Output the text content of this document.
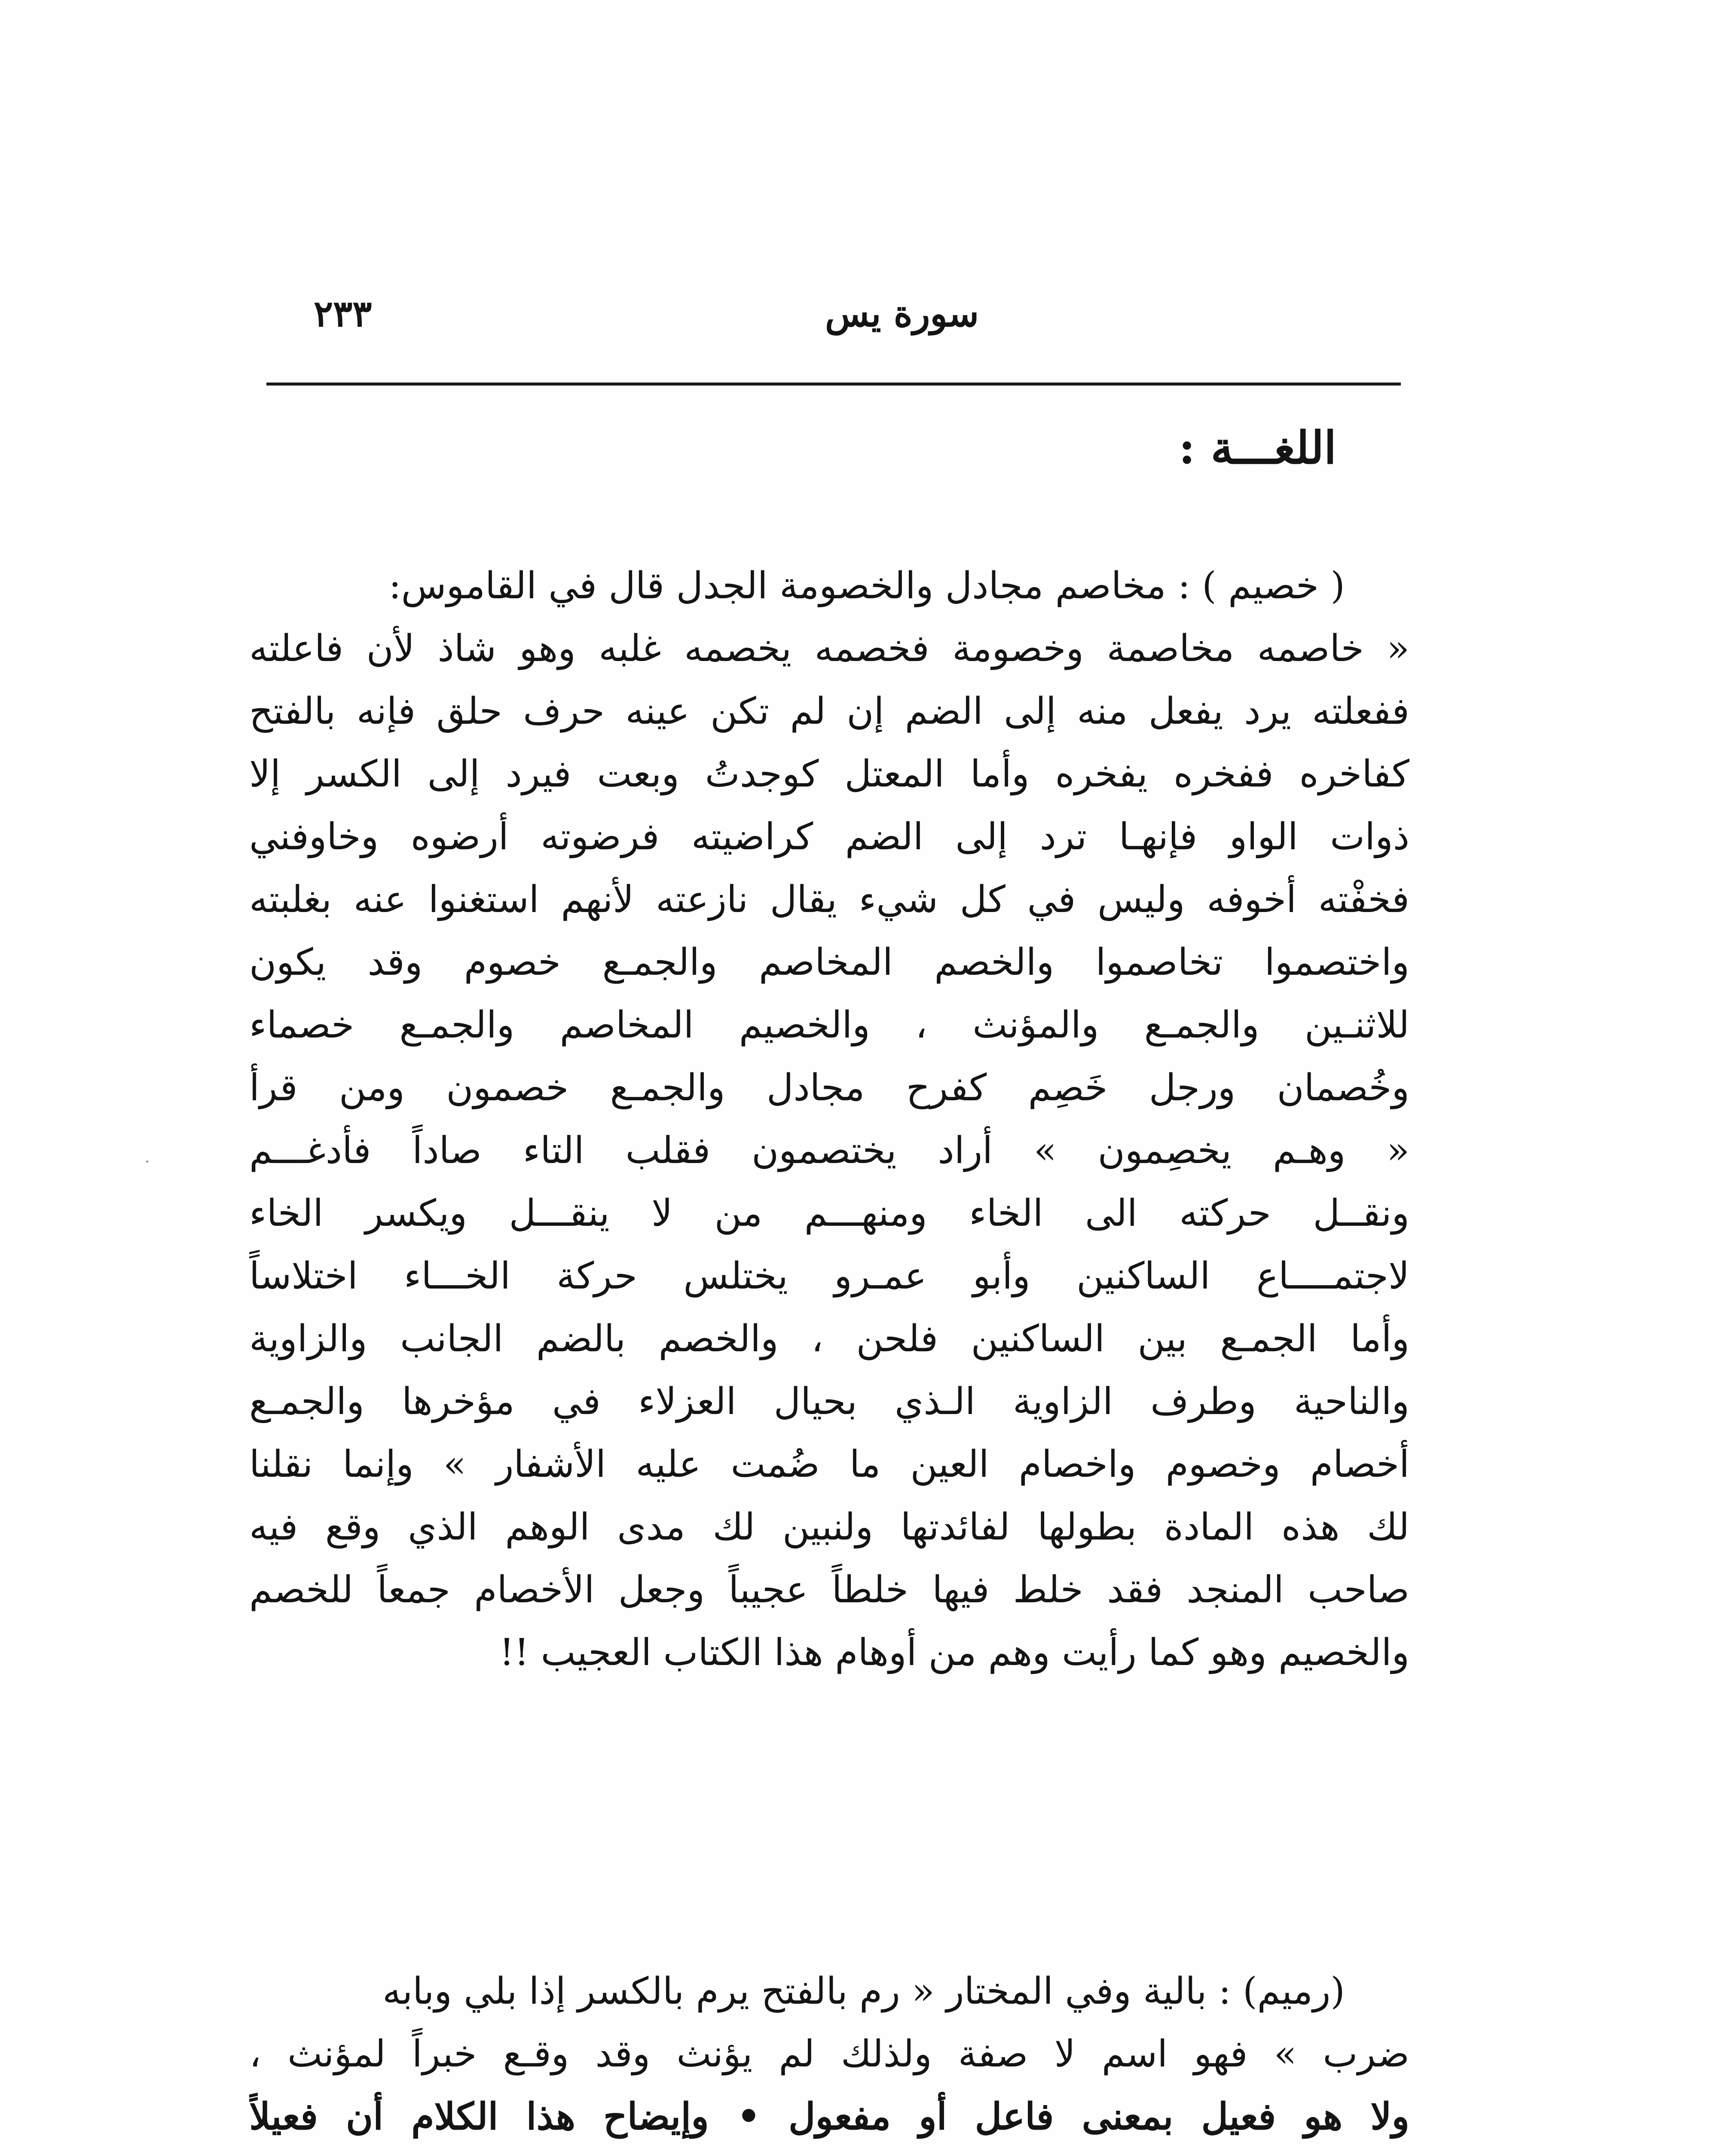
سورة يس
٢٣٣
اللغـــة :
( خصيم ) : مخاصم مجادل والخصومة الجدل قال في القاموس:
« خاصمه مخاصمة وخصومة فخصمه يخصمه غلبه وهو شاذ لأن فاعلته
ففعلته يرد يفعل منه إلى الضم إن لم تكن عينه حرف حلق فإنه بالفتح
كفاخره ففخره يفخره وأما المعتل كوجدتُ وبعت فيرد إلى الكسر إلا
ذوات الواو فإنهـا ترد إلى الضم كراضيته فرضوته أرضوه وخاوفني
فخفْته أخوفه وليس في كل شيء يقال نازعته لأنهم استغنوا عنه بغلبته
واختصموا تخاصموا والخصم المخاصم والجمـع خصوم وقد يكون
للاثنـين والجمـع والمؤنث ، والخصيم المخاصم والجمـع خصماء
وخُصمان ورجل خَصِم كفرح مجادل والجمـع خصمون ومن قرأ
« وهـم يخصِمون » أراد يختصمون فقلب التاء صاداً فأدغـــم
ونقــل حركته الى الخاء ومنهـــم من لا ينقـــل ويكسر الخاء
لاجتمــــاع الساكنين وأبو عمـرو يختلس حركة الخـــاء اختلاساً
وأما الجمـع بين الساكنين فلحن ، والخصم بالضم الجانب والزاوية
والناحية وطرف الزاوية الـذي بحيال العزلاء في مؤخرها والجمـع
أخصام وخصوم واخصام العين ما ضُمت عليه الأشفار » وإنما نقلنا
لك هذه المادة بطولها لفائدتها ولنبين لك مدى الوهم الذي وقع فيه
صاحب المنجد فقد خلط فيها خلطاً عجيباً وجعل الأخصام جمعاً للخصم
والخصيم وهو كما رأيت وهم من أوهام هذا الكتاب العجيب !!
(رميم) : بالية وفي المختار « رم بالفتح يرم بالكسر إذا بلي وبابه
ضرب » فهو اسم لا صفة ولذلك لم يؤنث وقد وقـع خبراً لمؤنث ،
ولا هو فعيل بمعنى فاعل أو مفعول • وإيضاح هذا الكلام أن فعيلاً
